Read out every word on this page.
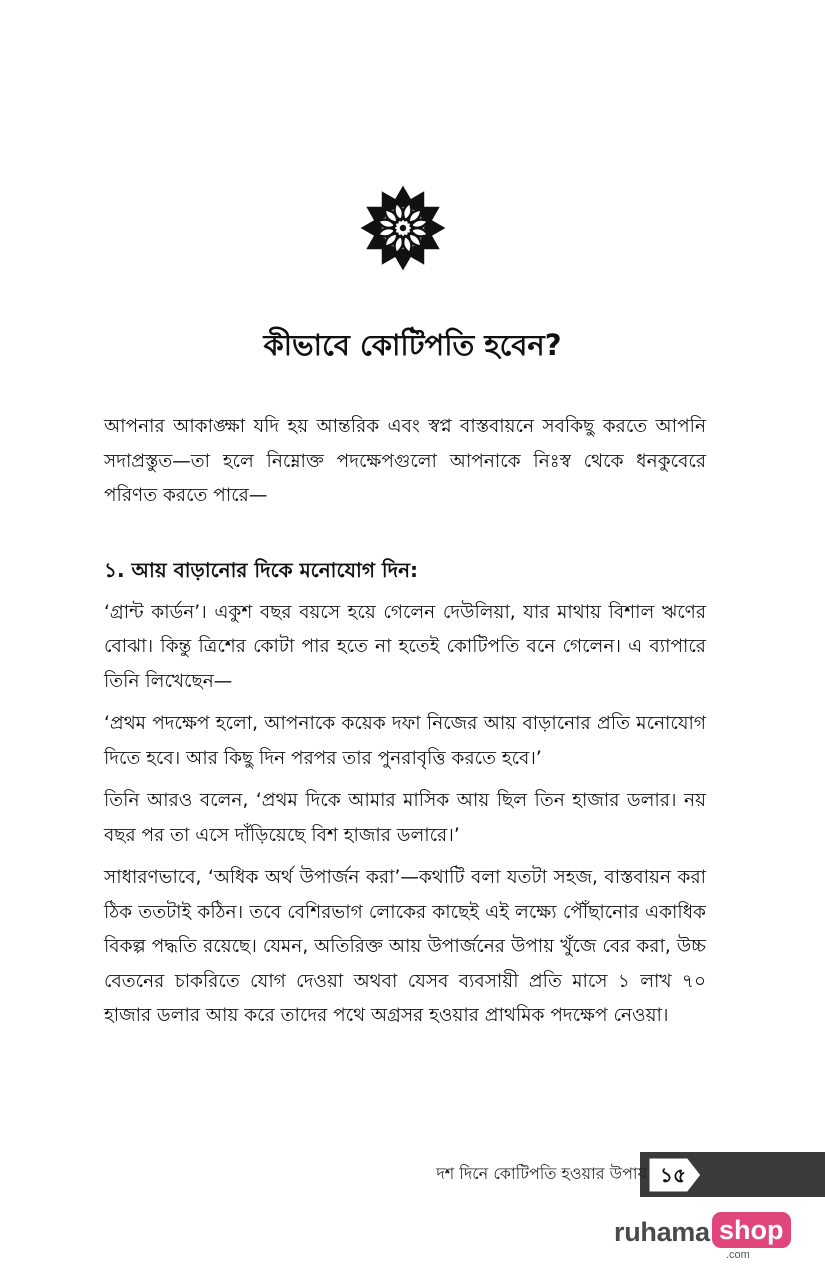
কীভাবে কোটিপতি হবেন?

আপনার আকাঙ্ক্ষা যদি হয় আন্তরিক এবং স্বপ্ন বাস্তবায়নে সবকিছু করতে আপনি সদাপ্রস্তুত—তা হলে নিম্নোক্ত পদক্ষেপগুলো আপনাকে নিঃস্ব থেকে ধনকুবেরে পরিণত করতে পারে—

১. আয় বাড়ানোর দিকে মনোযোগ দিন:

‘গ্রান্ট কার্ডন’। একুশ বছর বয়সে হয়ে গেলেন দেউলিয়া, যার মাথায় বিশাল ঋণের বোঝা। কিন্তু ত্রিশের কোটা পার হতে না হতেই কোটিপতি বনে গেলেন। এ ব্যাপারে তিনি লিখেছেন—

‘প্রথম পদক্ষেপ হলো, আপনাকে কয়েক দফা নিজের আয় বাড়ানোর প্রতি মনোযোগ দিতে হবে। আর কিছু দিন পরপর তার পুনরাবৃত্তি করতে হবে।’

তিনি আরও বলেন, ‘প্রথম দিকে আমার মাসিক আয় ছিল তিন হাজার ডলার। নয় বছর পর তা এসে দাঁড়িয়েছে বিশ হাজার ডলারে।’

সাধারণভাবে, ‘অধিক অর্থ উপার্জন করা’—কথাটি বলা যতটা সহজ, বাস্তবায়ন করা ঠিক ততটাই কঠিন। তবে বেশিরভাগ লোকের কাছেই এই লক্ষ্যে পৌঁছানোর একাধিক বিকল্প পদ্ধতি রয়েছে। যেমন, অতিরিক্ত আয় উপার্জনের উপায় খুঁজে বের করা, উচ্চ বেতনের চাকরিতে যোগ দেওয়া অথবা যেসব ব্যবসায়ী প্রতি মাসে ১ লাখ ৭০ হাজার ডলার আয় করে তাদের পথে অগ্রসর হওয়ার প্রাথমিক পদক্ষেপ নেওয়া।

দশ দিনে কোটিপতি হওয়ার উপায় ১৫
ruhama shop
.com
